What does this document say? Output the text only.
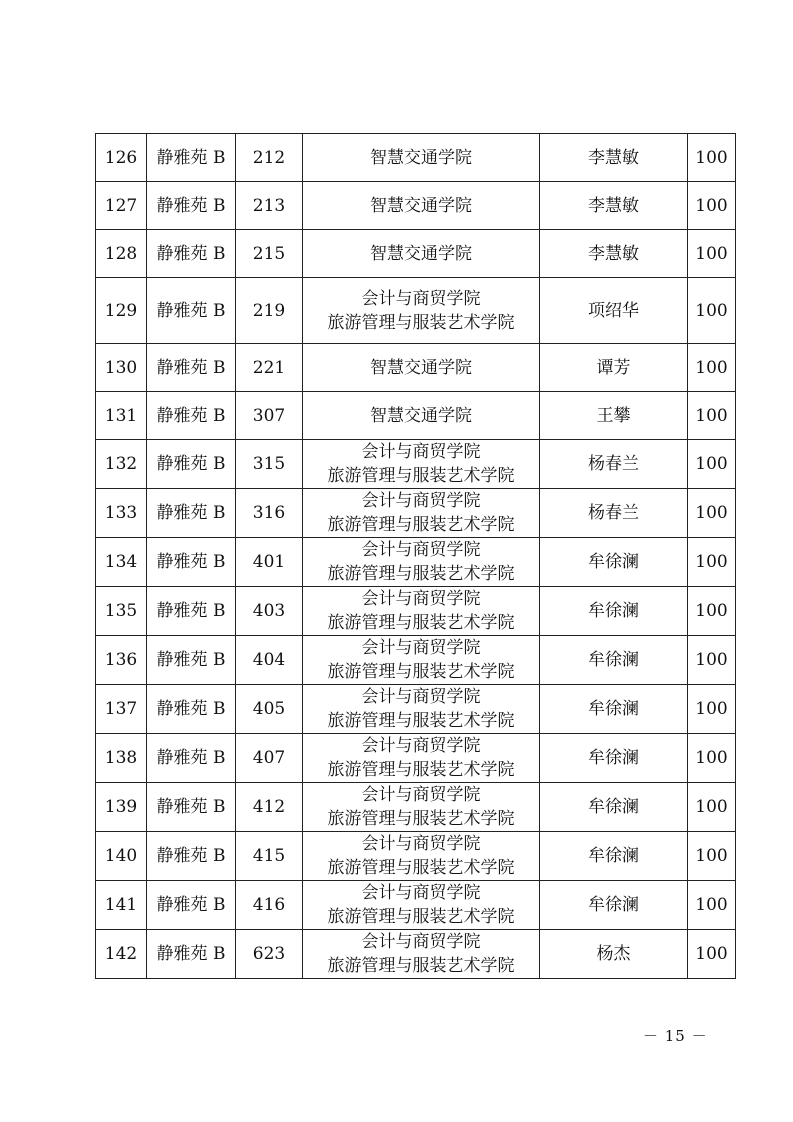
126	静雅苑 B	212	智慧交通学院	李慧敏	100
127	静雅苑 B	213	智慧交通学院	李慧敏	100
128	静雅苑 B	215	智慧交通学院	李慧敏	100
129	静雅苑 B	219	会计与商贸学院
旅游管理与服装艺术学院	项绍华	100
130	静雅苑 B	221	智慧交通学院	谭芳	100
131	静雅苑 B	307	智慧交通学院	王攀	100
132	静雅苑 B	315	会计与商贸学院
旅游管理与服装艺术学院	杨春兰	100
133	静雅苑 B	316	会计与商贸学院
旅游管理与服装艺术学院	杨春兰	100
134	静雅苑 B	401	会计与商贸学院
旅游管理与服装艺术学院	牟徐澜	100
135	静雅苑 B	403	会计与商贸学院
旅游管理与服装艺术学院	牟徐澜	100
136	静雅苑 B	404	会计与商贸学院
旅游管理与服装艺术学院	牟徐澜	100
137	静雅苑 B	405	会计与商贸学院
旅游管理与服装艺术学院	牟徐澜	100
138	静雅苑 B	407	会计与商贸学院
旅游管理与服装艺术学院	牟徐澜	100
139	静雅苑 B	412	会计与商贸学院
旅游管理与服装艺术学院	牟徐澜	100
140	静雅苑 B	415	会计与商贸学院
旅游管理与服装艺术学院	牟徐澜	100
141	静雅苑 B	416	会计与商贸学院
旅游管理与服装艺术学院	牟徐澜	100
142	静雅苑 B	623	会计与商贸学院
旅游管理与服装艺术学院	杨杰	100
－ 15 －
